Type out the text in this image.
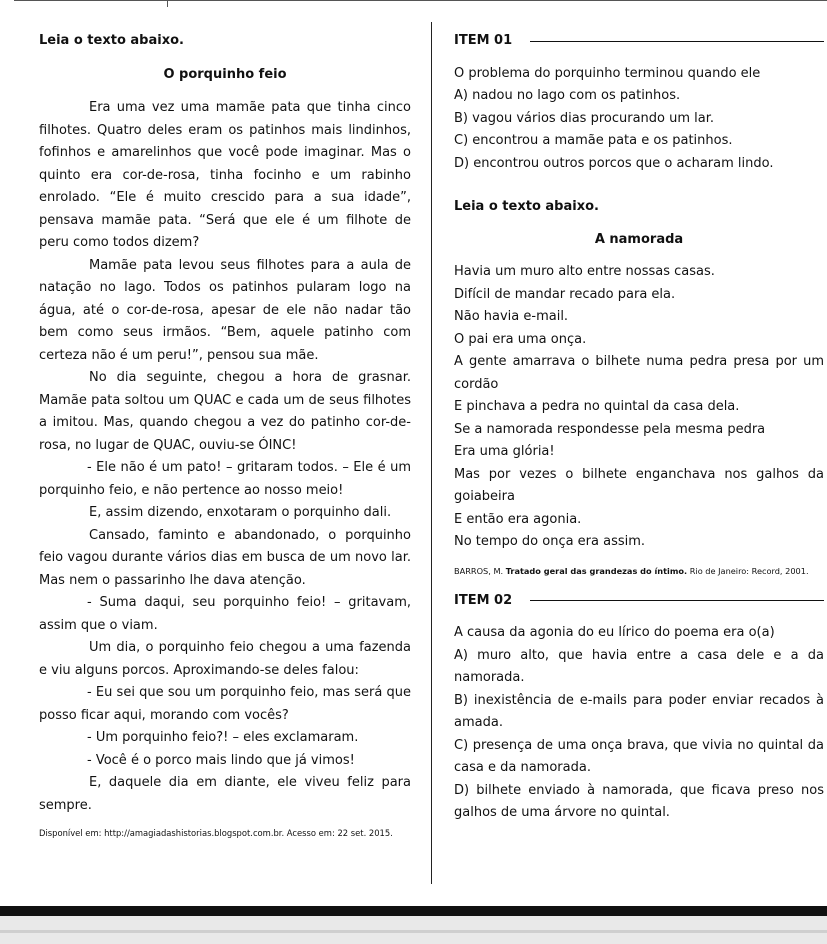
Leia o texto abaixo.

O porquinho feio

Era uma vez uma mamãe pata que tinha cinco filhotes. Quatro deles eram os patinhos mais lindinhos, fofinhos e amarelinhos que você pode imaginar. Mas o quinto era cor-de-rosa, tinha focinho e um rabinho enrolado. “Ele é muito crescido para a sua idade”, pensava mamãe pata. “Será que ele é um filhote de peru como todos dizem?

Mamãe pata levou seus filhotes para a aula de natação no lago. Todos os patinhos pularam logo na água, até o cor-de-rosa, apesar de ele não nadar tão bem como seus irmãos. “Bem, aquele patinho com certeza não é um peru!”, pensou sua mãe.

No dia seguinte, chegou a hora de grasnar. Mamãe pata soltou um QUAC e cada um de seus filhotes a imitou. Mas, quando chegou a vez do patinho cor-de-rosa, no lugar de QUAC, ouviu-se ÓINC!

- Ele não é um pato! – gritaram todos. – Ele é um porquinho feio, e não pertence ao nosso meio!

E, assim dizendo, enxotaram o porquinho dali.

Cansado, faminto e abandonado, o porquinho feio vagou durante vários dias em busca de um novo lar. Mas nem o passarinho lhe dava atenção.

- Suma daqui, seu porquinho feio! – gritavam, assim que o viam.

Um dia, o porquinho feio chegou a uma fazenda e viu alguns porcos. Aproximando-se deles falou:

- Eu sei que sou um porquinho feio, mas será que posso ficar aqui, morando com vocês?

- Um porquinho feio?! – eles exclamaram.

- Você é o porco mais lindo que já vimos!

E, daquele dia em diante, ele viveu feliz para sempre.

Disponível em: http://amagiadashistorias.blogspot.com.br. Acesso em: 22 set. 2015.

ITEM 01

O problema do porquinho terminou quando ele

A) nadou no lago com os patinhos.

B) vagou vários dias procurando um lar.

C) encontrou a mamãe pata e os patinhos.

D) encontrou outros porcos que o acharam lindo.

Leia o texto abaixo.

A namorada

Havia um muro alto entre nossas casas.

Difícil de mandar recado para ela.

Não havia e-mail.

O pai era uma onça.

A gente amarrava o bilhete numa pedra presa por um cordão

E pinchava a pedra no quintal da casa dela.

Se a namorada respondesse pela mesma pedra

Era uma glória!

Mas por vezes o bilhete enganchava nos galhos da goiabeira

E então era agonia.

No tempo do onça era assim.

BARROS, M. Tratado geral das grandezas do íntimo. Rio de Janeiro: Record, 2001.

ITEM 02

A causa da agonia do eu lírico do poema era o(a)

A) muro alto, que havia entre a casa dele e a da namorada.

B) inexistência de e-mails para poder enviar recados à amada.

C) presença de uma onça brava, que vivia no quintal da casa e da namorada.

D) bilhete enviado à namorada, que ficava preso nos galhos de uma árvore no quintal.
